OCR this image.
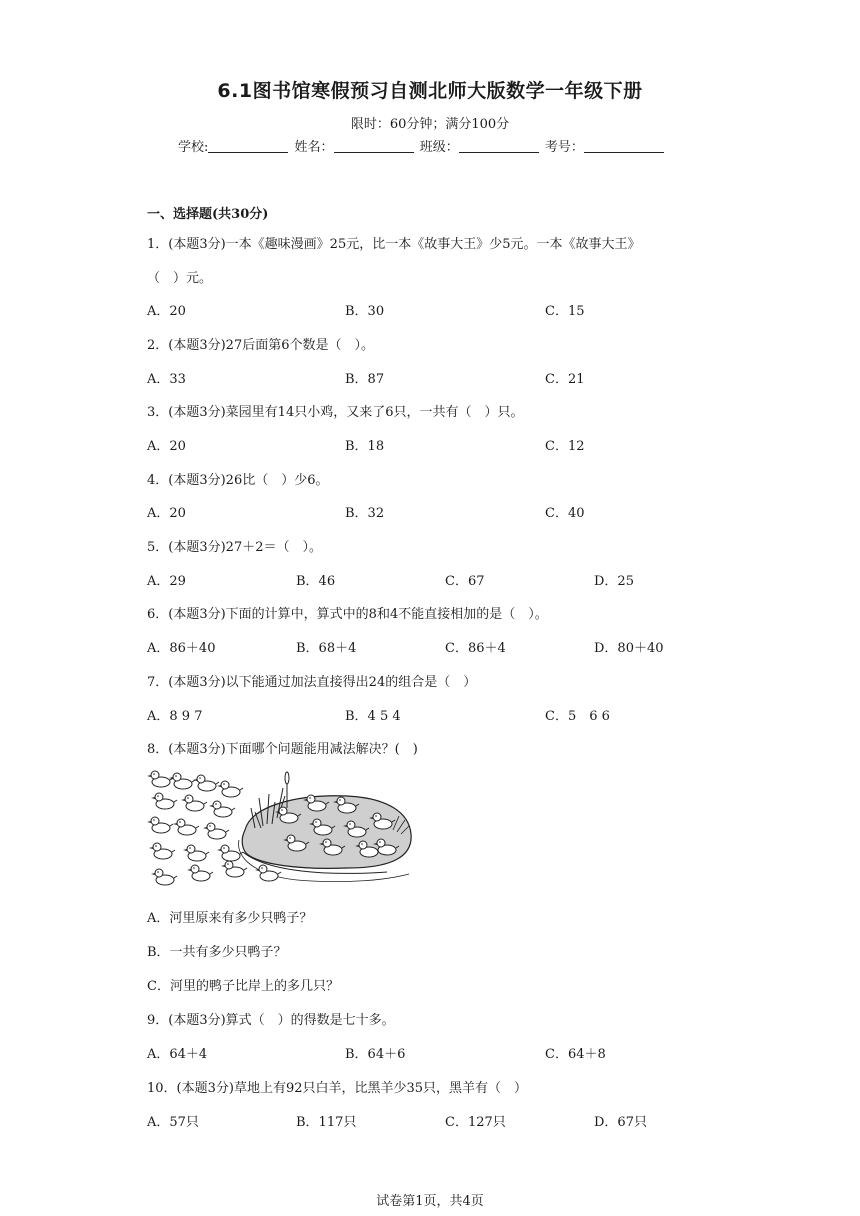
6.1图书馆寒假预习自测北师大版数学一年级下册
限时：60分钟；满分100分
学校:	姓名：	班级：	考号：
一、选择题(共30分)
1．(本题3分)一本《趣味漫画》25元，比一本《故事大王》少5元。一本《故事大王》
（　）元。
A．20	B．30	C．15
2．(本题3分)27后面第6个数是（　）。
A．33	B．87	C．21
3．(本题3分)菜园里有14只小鸡，又来了6只，一共有（　）只。
A．20	B．18	C．12
4．(本题3分)26比（　）少6。
A．20	B．32	C．40
5．(本题3分)27＋2＝（　）。
A．29	B．46	C．67	D．25
6．(本题3分)下面的计算中，算式中的8和4不能直接相加的是（　）。
A．86＋40	B．68＋4	C．86＋4	D．80＋40
7．(本题3分)以下能通过加法直接得出24的组合是（　）
A．8 9 7	B．4 5 4	C．5　6 6
8．(本题3分)下面哪个问题能用减法解决？(　)
A．河里原来有多少只鸭子？
B．一共有多少只鸭子？
C．河里的鸭子比岸上的多几只？
9．(本题3分)算式（　）的得数是七十多。
A．64＋4	B．64＋6	C．64＋8
10．(本题3分)草地上有92只白羊，比黑羊少35只，黑羊有（　）
A．57只	B．117只	C．127只	D．67只
试卷第1页，共4页
